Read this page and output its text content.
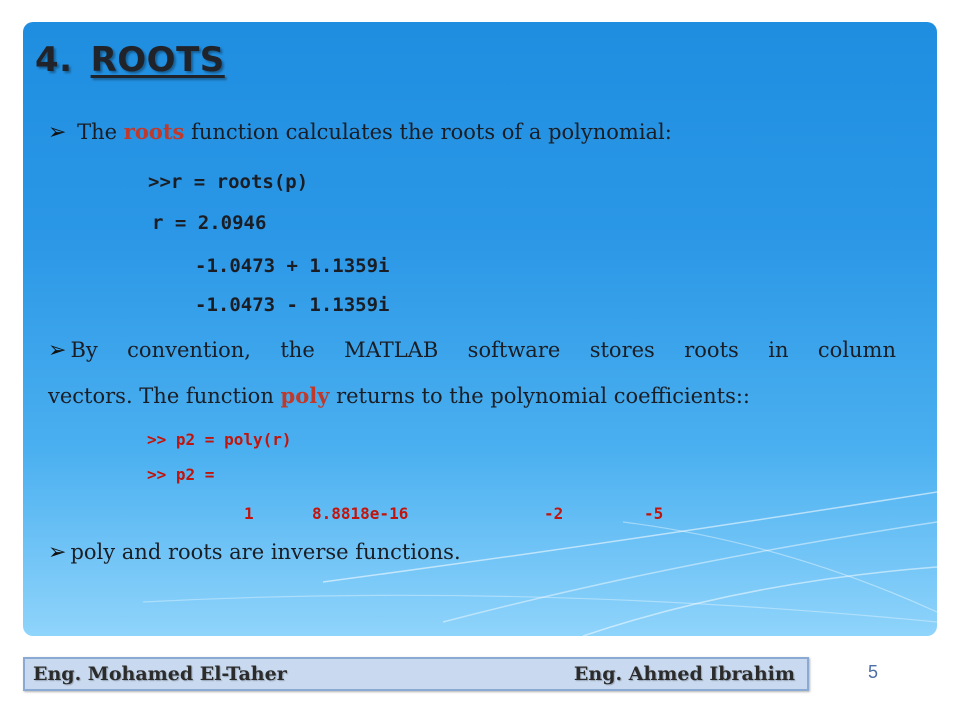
4. ROOTS
➢ The roots function calculates the roots of a polynomial:
>>r = roots(p)
r = 2.0946
-1.0473 + 1.1359i
-1.0473 - 1.1359i
➢ By convention, the MATLAB software stores roots in column
vectors. The function poly returns to the polynomial coefficients::
>> p2 = poly(r)
>> p2 =
1	8.8818e-16	-2	-5
➢ poly and roots are inverse functions.
Eng. Mohamed El-Taher	Eng. Ahmed Ibrahim	5
